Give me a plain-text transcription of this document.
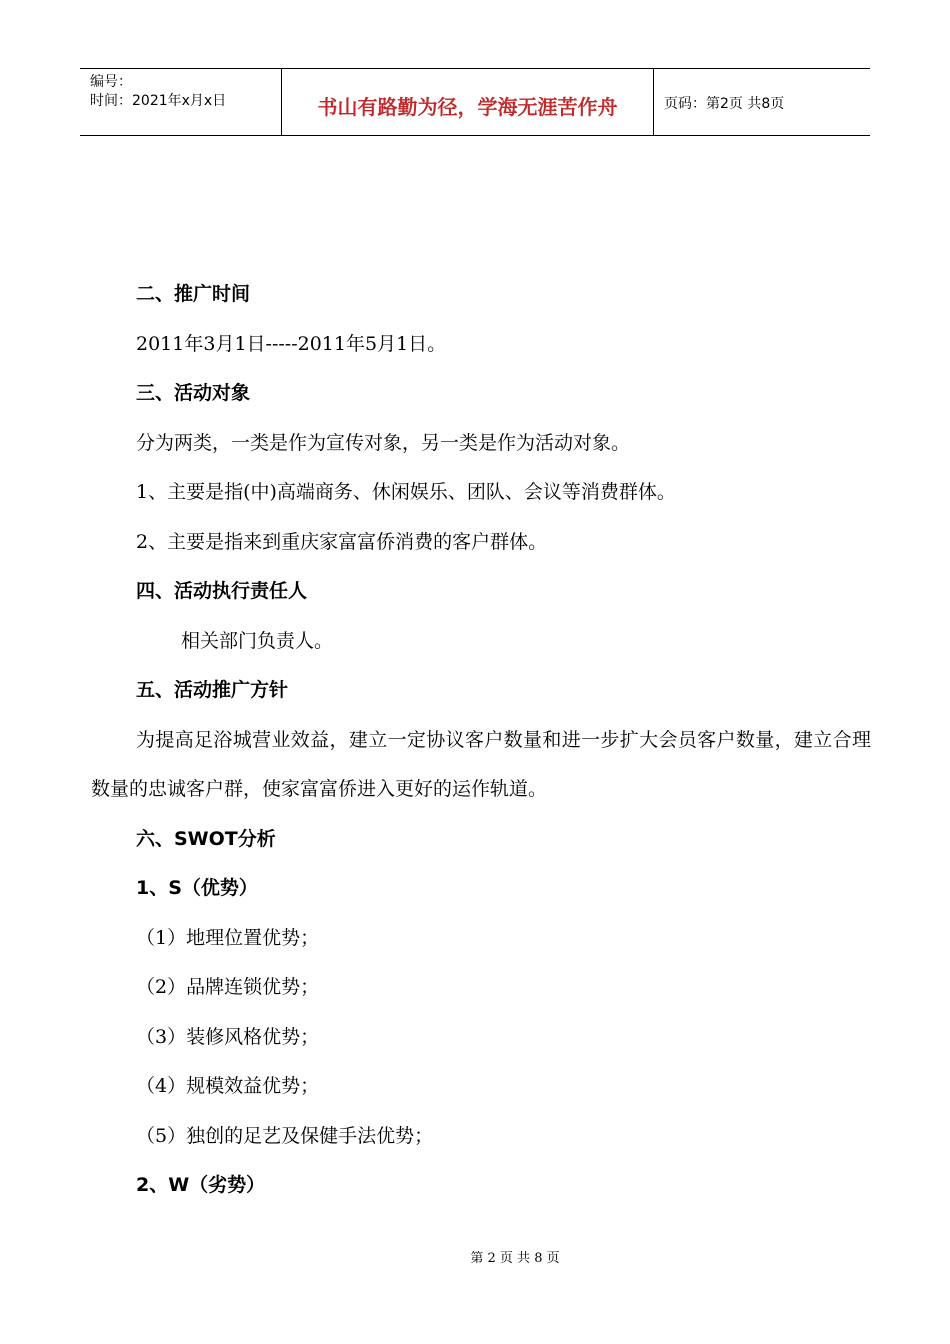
编号：
时间：2021年x月x日	书山有路勤为径，学海无涯苦作舟	页码：第2页 共8页
二、推广时间
2011年3月1日-----2011年5月1日。
三、活动对象
分为两类，一类是作为宣传对象，另一类是作为活动对象。
1、主要是指(中)高端商务、休闲娱乐、团队、会议等消费群体。
2、主要是指来到重庆家富富侨消费的客户群体。
四、活动执行责任人
相关部门负责人。
五、活动推广方针
为提高足浴城营业效益，建立一定协议客户数量和进一步扩大会员客户数量，建立合理数量的忠诚客户群，使家富富侨进入更好的运作轨道。
六、SWOT分析
1、S（优势）
（1）地理位置优势；
（2）品牌连锁优势；
（3）装修风格优势；
（4）规模效益优势；
（5）独创的足艺及保健手法优势；
2、W（劣势）
第 2 页 共 8 页
